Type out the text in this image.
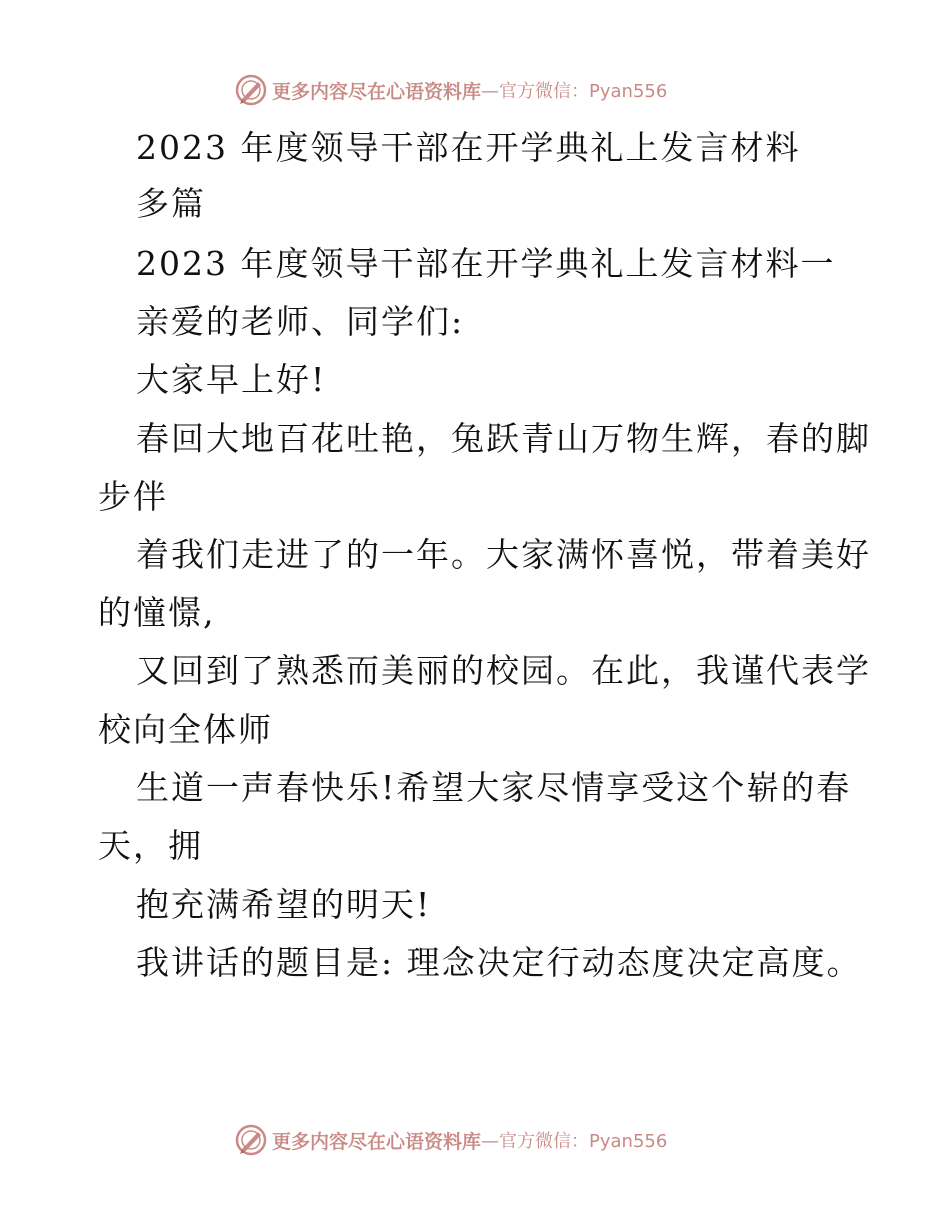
更多内容尽在心语资料库 —官方微信：Pyan556

2023 年度领导干部在开学典礼上发言材料

多篇

2023 年度领导干部在开学典礼上发言材料一

亲爱的老师、同学们:

大家早上好!

春回大地百花吐艳，兔跃青山万物生辉，春的脚

步伴

着我们走进了的一年。大家满怀喜悦，带着美好

的憧憬,

又回到了熟悉而美丽的校园。在此，我谨代表学

校向全体师

生道一声春快乐!希望大家尽情享受这个崭的春

天，拥

抱充满希望的明天!

我讲话的题目是: 理念决定行动态度决定高度。

更多内容尽在心语资料库 —官方微信：Pyan556
